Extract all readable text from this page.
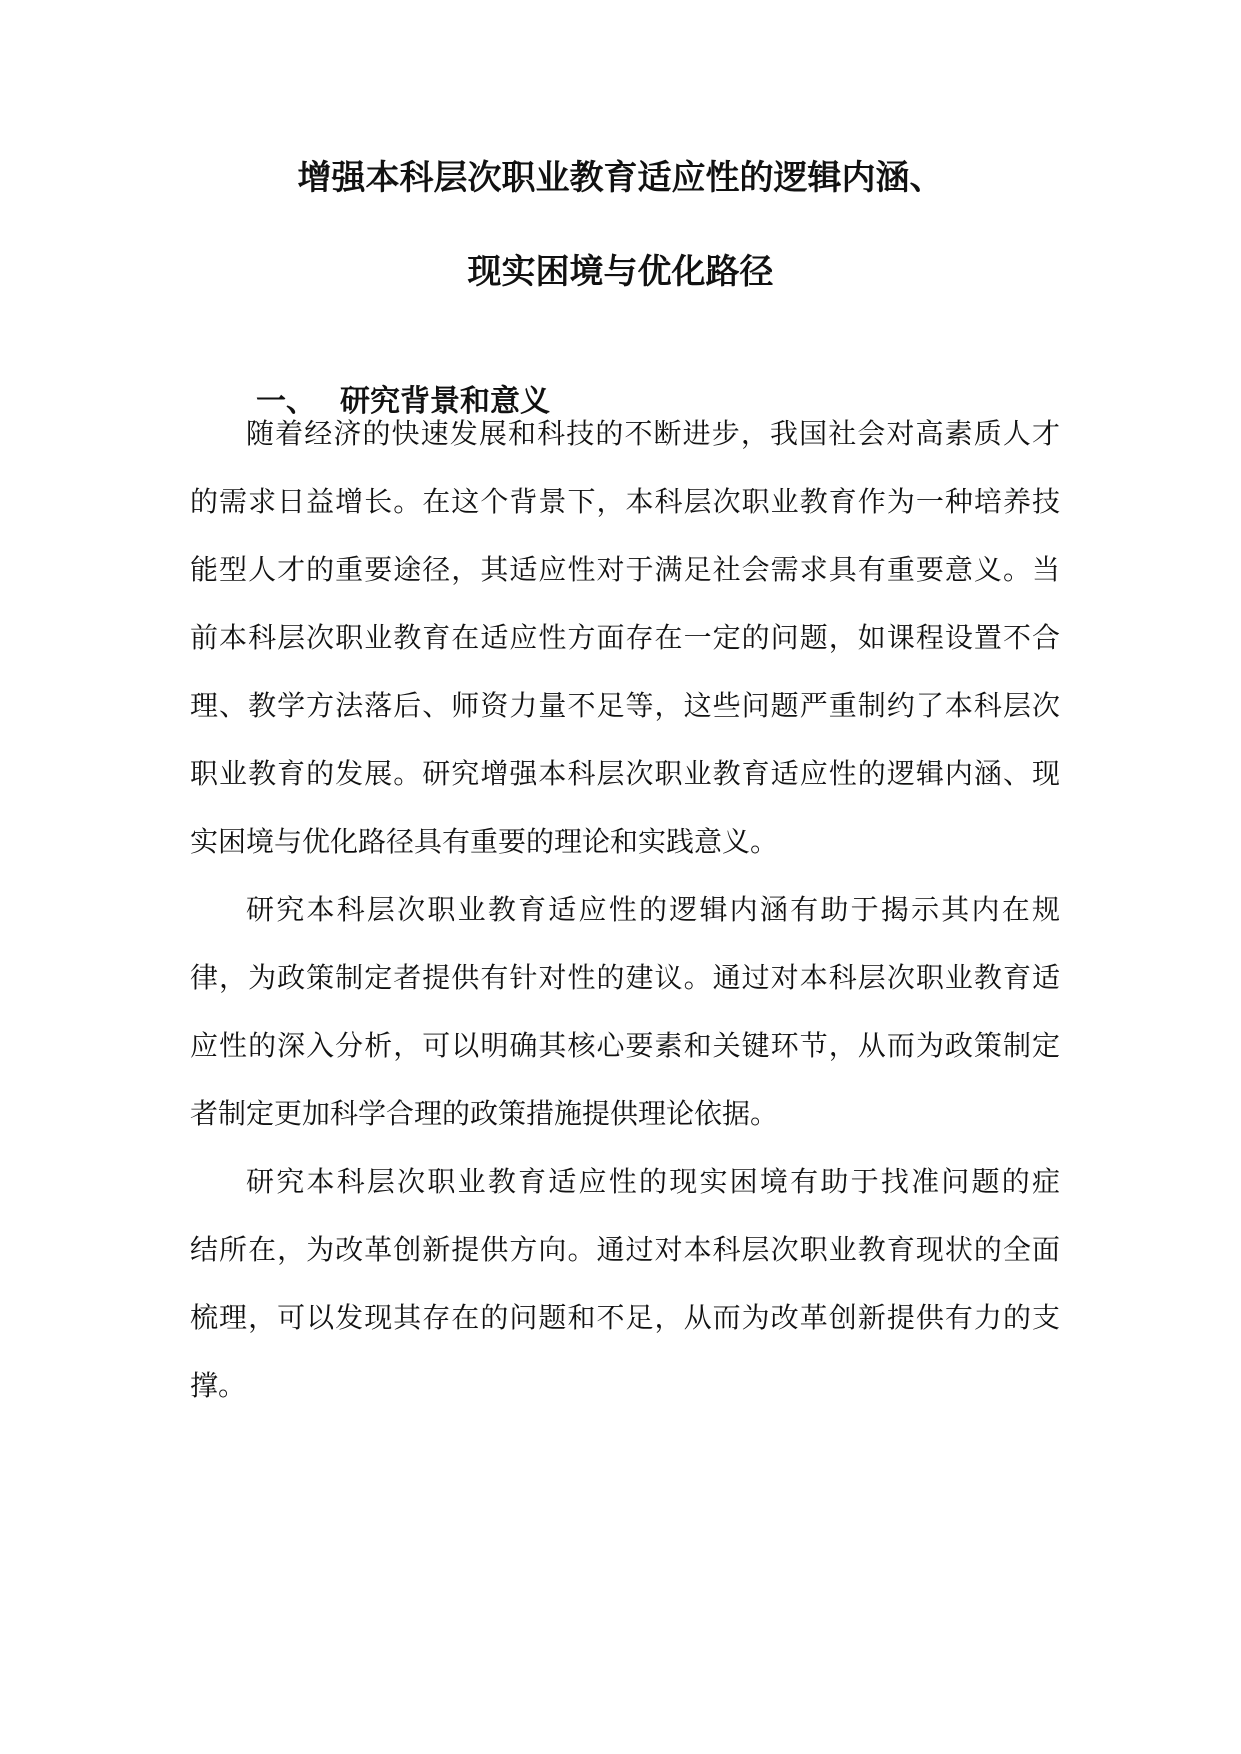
增强本科层次职业教育适应性的逻辑内涵、
现实困境与优化路径
一、 研究背景和意义
随着经济的快速发展和科技的不断进步，我国社会对高素质人才
的需求日益增长。在这个背景下，本科层次职业教育作为一种培养技
能型人才的重要途径，其适应性对于满足社会需求具有重要意义。当
前本科层次职业教育在适应性方面存在一定的问题，如课程设置不合
理、教学方法落后、师资力量不足等，这些问题严重制约了本科层次
职业教育的发展。研究增强本科层次职业教育适应性的逻辑内涵、现
实困境与优化路径具有重要的理论和实践意义。
研究本科层次职业教育适应性的逻辑内涵有助于揭示其内在规
律，为政策制定者提供有针对性的建议。通过对本科层次职业教育适
应性的深入分析，可以明确其核心要素和关键环节，从而为政策制定
者制定更加科学合理的政策措施提供理论依据。
研究本科层次职业教育适应性的现实困境有助于找准问题的症
结所在，为改革创新提供方向。通过对本科层次职业教育现状的全面
梳理，可以发现其存在的问题和不足，从而为改革创新提供有力的支
撑。
